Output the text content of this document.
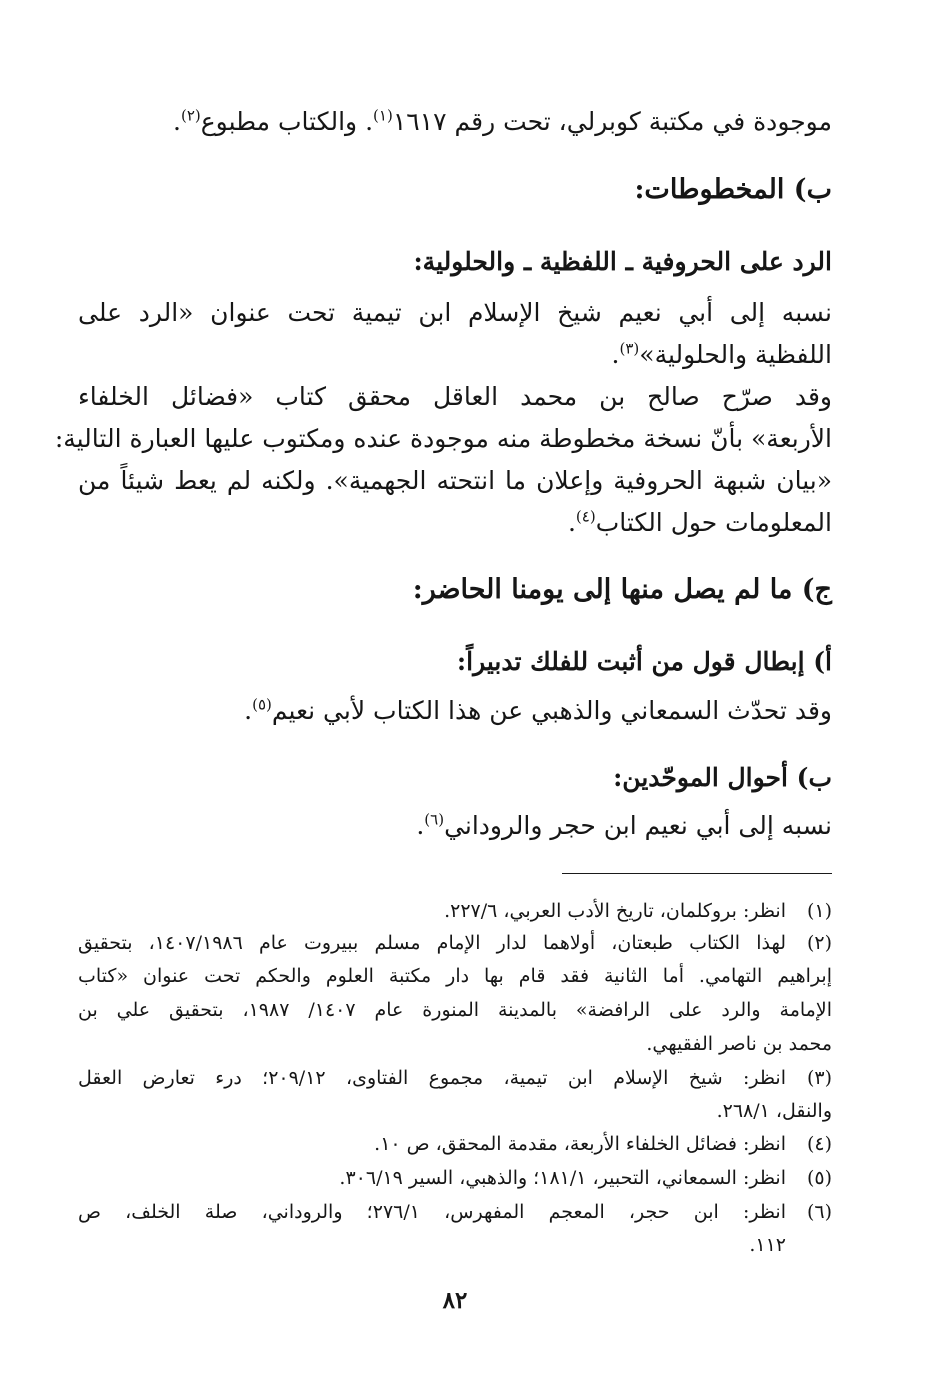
موجودة في مكتبة كوبرلي، تحت رقم ١٦١٧$^{(١)}$. والكتاب مطبوع$^{(٢)}$.
ب) المخطوطات:
الرد على الحروفية ـ اللفظية ـ والحلولية:
نسبه إلى أبي نعيم شيخ الإسلام ابن تيمية تحت عنوان «الرد على
اللفظية والحلولية»$^{(٣)}$.
وقد صرّح صالح بن محمد العاقل محقق كتاب «فضائل الخلفاء
الأربعة» بأنّ نسخة مخطوطة منه موجودة عنده ومكتوب عليها العبارة التالية:
«بيان شبهة الحروفية وإعلان ما انتحته الجهمية». ولكنه لم يعط شيئاً من
المعلومات حول الكتاب$^{(٤)}$.
ج) ما لم يصل منها إلى يومنا الحاضر:
أ) إبطال قول من أثبت للفلك تدبيراً:
وقد تحدّث السمعاني والذهبي عن هذا الكتاب لأبي نعيم$^{(٥)}$.
ب) أحوال الموحّدين:
نسبه إلى أبي نعيم ابن حجر والروداني$^{(٦)}$.
(١)انظر: بروكلمان، تاريخ الأدب العربي، ٢٢٧/٦.
(٢)لهذا الكتاب طبعتان، أولاهما لدار الإمام مسلم ببيروت عام ١٤٠٧/١٩٨٦، بتحقيق
إبراهيم التهامي. أما الثانية فقد قام بها دار مكتبة العلوم والحكم تحت عنوان «كتاب
الإمامة والرد على الرافضة» بالمدينة المنورة عام ١٤٠٧/ ١٩٨٧، بتحقيق علي بن
محمد بن ناصر الفقيهي.
(٣)انظر: شيخ الإسلام ابن تيمية، مجموع الفتاوى، ٢٠٩/١٢؛ درء تعارض العقل
والنقل، ٢٦٨/١.
(٤)انظر: فضائل الخلفاء الأربعة، مقدمة المحقق، ص ١٠.
(٥)انظر: السمعاني، التحبير، ١٨١/١؛ والذهبي، السير ٣٠٦/١٩.
(٦)انظر: ابن حجر، المعجم المفهرس، ٢٧٦/١؛ والروداني، صلة الخلف، ص
١١٢.
٨٢
